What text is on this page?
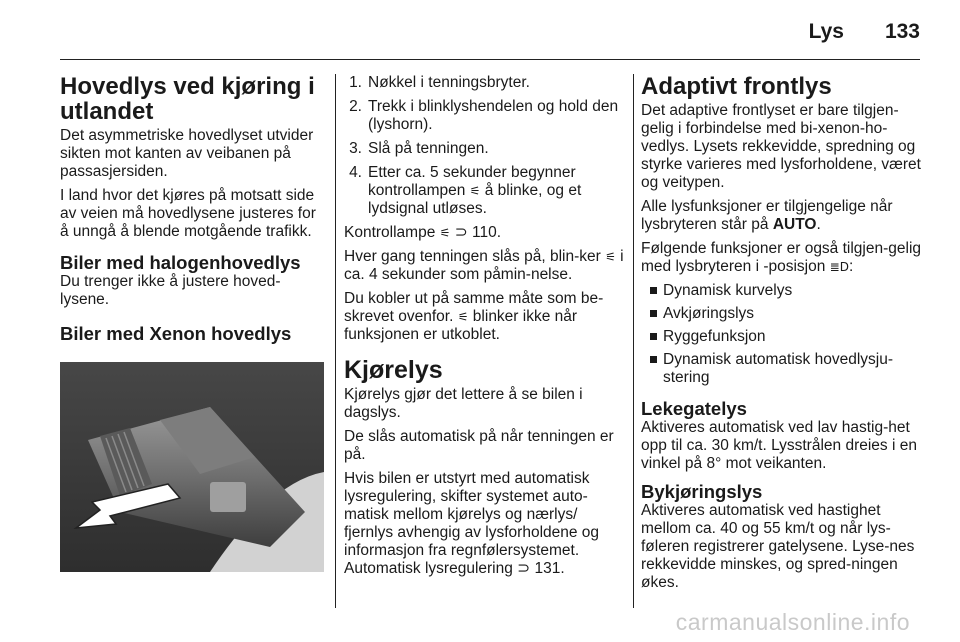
Lys 133
Hovedlys ved kjøring i utlandet

Det asymmetriske hovedlyset utvider sikten mot kanten av veibanen på passasjersiden.

I land hvor det kjøres på motsatt side av veien må hovedlysene justeres for å unngå å blende motgående trafikk.

Biler med halogenhovedlys

Du trenger ikke å justere hoved-lysene.

Biler med Xenon hovedlys
1. Nøkkel i tenningsbryter.
2. Trekk i blinklyshendelen og hold den (lyshorn).
3. Slå på tenningen.
4. Etter ca. 5 sekunder begynner kontrollampen ⚟ å blinke, og et lydsignal utløses.

Kontrollampe ⚟ ⊃ 110.

Hver gang tenningen slås på, blin-ker ⚟ i ca. 4 sekunder som påmin-nelse.

Du kobler ut på samme måte som be-skrevet ovenfor. ⚟ blinker ikke når funksjonen er utkoblet.

Kjørelys

Kjørelys gjør det lettere å se bilen i dagslys.

De slås automatisk på når tenningen er på.

Hvis bilen er utstyrt med automatisk lysregulering, skifter systemet auto-matisk mellom kjørelys og nærlys/ fjernlys avhengig av lysforholdene og informasjon fra regnfølersystemet. Automatisk lysregulering ⊃ 131.

Adaptivt frontlys

Det adaptive frontlyset er bare tilgjen-gelig i forbindelse med bi-xenon-ho-vedlys. Lysets rekkevidde, spredning og styrke varieres med lysforholdene, været og veitypen.

Alle lysfunksjoner er tilgjengelige når lysbryteren står på AUTO.

Følgende funksjoner er også tilgjen-gelig med lysbryteren i -posisjon ≣D:

Dynamisk kurvelys
Avkjøringslys
Ryggefunksjon
Dynamisk automatisk hovedlysju-stering
Lekegatelys

Aktiveres automatisk ved lav hastig-het opp til ca. 30 km/t. Lysstrålen dreies i en vinkel på 8° mot veikanten.

Bykjøringslys

Aktiveres automatisk ved hastighet mellom ca. 40 og 55 km/t og når lys-føleren registrerer gatelysene. Lyse-nes rekkevidde minskes, og spred-ningen økes.

carmanualsonline.info
